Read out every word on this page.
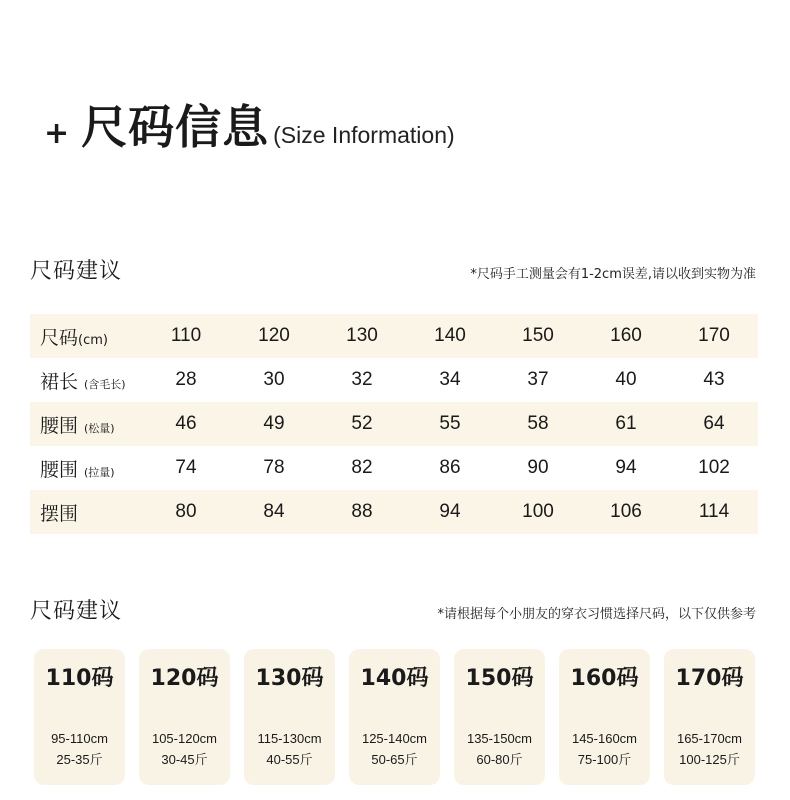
+ 尺码信息 (Size Information)
尺码建议	*尺码手工测量会有1-2cm误差,请以收到实物为准
尺码(cm)	110	120	130	140	150	160	170
裙长 (含毛长)	28	30	32	34	37	40	43
腰围 (松量)	46	49	52	55	58	61	64
腰围 (拉量)	74	78	82	86	90	94	102
摆围	80	84	88	94	100	106	114
尺码建议	*请根据每个小朋友的穿衣习惯选择尺码，以下仅供参考
110码
95-110cm
25-35斤
120码
105-120cm
30-45斤
130码
115-130cm
40-55斤
140码
125-140cm
50-65斤
150码
135-150cm
60-80斤
160码
145-160cm
75-100斤
170码
165-170cm
100-125斤
